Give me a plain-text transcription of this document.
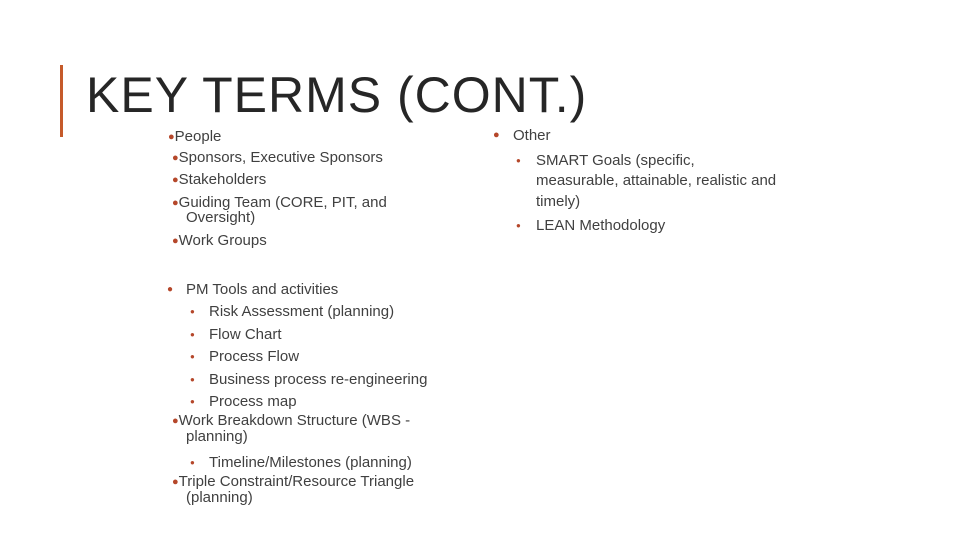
KEY TERMS (CONT.)
●People
●Sponsors, Executive Sponsors
●Stakeholders
●Guiding Team (CORE, PIT, and
Oversight)
●Work Groups
● PM Tools and activities
● Risk Assessment (planning)
● Flow Chart
● Process Flow
● Business process re-engineering
● Process map
●Work Breakdown Structure (WBS -
planning)
● Timeline/Milestones (planning)
●Triple Constraint/Resource Triangle
(planning)
● Other
● SMART Goals (specific,
measurable, attainable, realistic and
timely)
● LEAN Methodology
